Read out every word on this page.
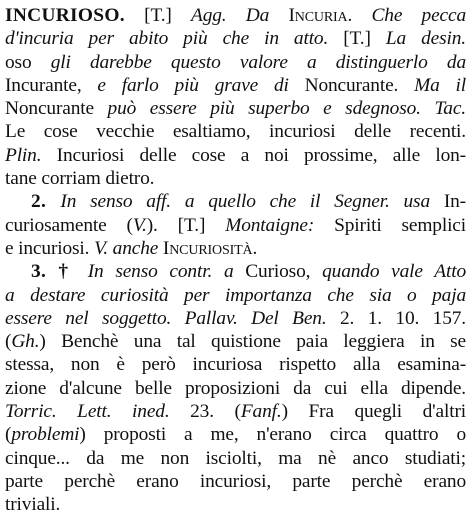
INCURIOSO. [T.] Agg. Da Incuria. Che pecca
d'incuria per abito più che in atto. [T.] La desin.
oso gli darebbe questo valore a distinguerlo da
Incurante, e farlo più grave di Noncurante. Ma il
Noncurante può essere più superbo e sdegnoso. Tac.
Le cose vecchie esaltiamo, incuriosi delle recenti.
Plin. Incuriosi delle cose a noi prossime, alle lon-
tane corriam dietro.
2. In senso aff. a quello che il Segner. usa In-
curiosamente (V.). [T.] Montaigne: Spiriti semplici
e incuriosi. V. anche Incuriosità.
3. † In senso contr. a Curioso, quando vale Atto
a destare curiosità per importanza che sia o paja
essere nel soggetto. Pallav. Del Ben. 2. 1. 10. 157.
(Gh.) Benchè una tal quistione paia leggiera in se
stessa, non è però incuriosa rispetto alla esamina-
zione d'alcune belle proposizioni da cui ella dipende.
Torric. Lett. ined. 23. (Fanf.) Fra quegli d'altri
(problemi) proposti a me, n'erano circa quattro o
cinque... da me non isciolti, ma nè anco studiati;
parte perchè erano incuriosi, parte perchè erano
triviali.
